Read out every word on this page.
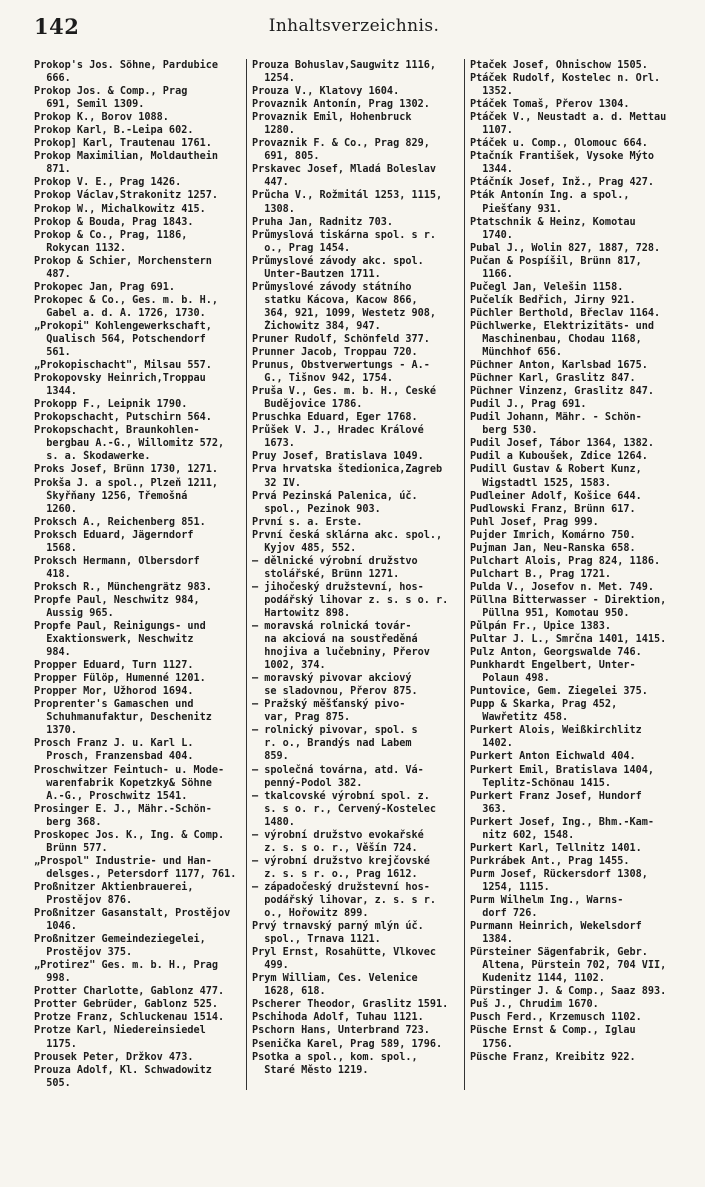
142	Inhaltsverzeichnis.
Prokop's Jos. Söhne, Pardubice
666.
Prokop Jos. & Comp., Prag
691, Semil 1309.
Prokop K., Borov 1088.
Prokop Karl, B.-Leipa 602.
Prokop] Karl, Trautenau 1761.
Prokop Maximilian, Moldauthein
871.
Prokop V. E., Prag 1426.
Prokop Václav,Strakonitz 1257.
Prokop W., Michalkowitz 415.
Prokop & Bouda, Prag 1843.
Prokop & Co., Prag, 1186,
Rokycan 1132.
Prokop & Schier, Morchenstern
487.
Prokopec Jan, Prag 691.
Prokopec & Co., Ges. m. b. H.,
Gabel a. d. A. 1726, 1730.
„Prokopi" Kohlengewerkschaft,
Qualisch 564, Potschendorf
561.
„Prokopischacht", Milsau 557.
Prokopovsky Heinrich,Troppau
1344.
Prokopp F., Leipnik 1790.
Prokopschacht, Putschirn 564.
Prokopschacht, Braunkohlen-
bergbau A.-G., Willomitz 572,
s. a. Škodawerke.
Proks Josef, Brünn 1730, 1271.
Prokša J. a spol., Plzeň 1211,
Škyřňany 1256, Třemošná
1260.
Proksch A., Reichenberg 851.
Proksch Eduard, Jägerndorf
1568.
Proksch Hermann, Olbersdorf
418.
Proksch R., Münchengrätz 983.
Propfe Paul, Neschwitz 984,
Aussig 965.
Propfe Paul, Reinigungs- und
Exaktionswerk, Neschwitz
984.
Propper Eduard, Turn 1127.
Propper Fülöp, Humenné 1201.
Propper Mor, Užhorod 1694.
Proprenter's Gamaschen und
Schuhmanufaktur, Deschenitz
1370.
Prosch Franz J. u. Karl L.
Prosch, Franzensbad 404.
Proschwitzer Feintuch- u. Mode-
warenfabrik Kopetzky& Söhne
A.-G., Proschwitz 1541.
Prosinger E. J., Mähr.-Schön-
berg 368.
Proskopec Jos. K., Ing. & Comp.
Brünn 577.
„Prospol" Industrie- und Han-
delsges., Petersdorf 1177, 761.
Proßnitzer Aktienbrauerei,
Prostějov 876.
Proßnitzer Gasanstalt, Prostějov
1046.
Proßnitzer Gemeindeziegelei,
Prostějov 375.
„Protirez" Ges. m. b. H., Prag
998.
Protter Charlotte, Gablonz 477.
Protter Gebrüder, Gablonz 525.
Protze Franz, Schluckenau 1514.
Protze Karl, Niedereinsiedel
1175.
Prousek Peter, Držkov 473.
Prouza Adolf, Kl. Schwadowitz
505.
Prouza Bohuslav,Saugwitz 1116,
1254.
Prouza V., Klatovy 1604.
Provaznik Antonín, Prag 1302.
Provaznik Emil, Hohenbruck
1280.
Provaznik F. & Co., Prag 829,
691, 805.
Prskavec Josef, Mladá Boleslav
447.
Průcha V., Rožmitál 1253, 1115,
1308.
Pruha Jan, Radnitz 703.
Průmyslová tiskárna spol. s r.
o., Prag 1454.
Průmyslové závody akc. spol.
Unter-Bautzen 1711.
Průmyslové závody státního
statku Kácova, Kacow 866,
364, 921, 1099, Westetz 908,
Žichowitz 384, 947.
Pruner Rudolf, Schönfeld 377.
Prunner Jacob, Troppau 720.
Prunus, Obstverwertungs - A.-
G., Tišnov 942, 1754.
Pruša V., Ges. m. b. H., České
Budějovice 1786.
Pruschka Eduard, Eger 1768.
Průšek V. J., Hradec Králové
1673.
Pruy Josef, Bratislava 1049.
Prva hrvatska štedionica,Zagreb
32 IV.
Prvá Pezinská Palenica, úč.
spol., Pezinok 903.
První s. a. Erste.
První česká sklárna akc. spol.,
Kyjov 485, 552.
— dělnické výrobní družstvo
stolářské, Brünn 1271.
— jihočeský družstevní, hos-
podářský lihovar z. s. s o. r.
Hartowitz 898.
— moravská rolnická továr-
na akciová na soustředěná
hnojiva a lučebniny, Přerov
1002, 374.
— moravský pivovar akciový
se sladovnou, Přerov 875.
— Pražský měšťanský pivo-
var, Prag 875.
— rolnický pivovar, spol. s
r. o., Brandýs nad Labem
859.
— společná továrna, atd. Vá-
penný-Podol 382.
— tkalcovské výrobní spol. z.
s. s o. r., Červený-Kostelec
1480.
— výrobní družstvo evokařské
z. s. s o. r., Věšín 724.
— výrobní družstvo krejčovské
z. s. s r. o., Prag 1612.
— západočeský družstevní hos-
podářský lihovar, z. s. s r.
o., Hořowitz 899.
Prvý trnavský parný mlýn úč.
spol., Trnava 1121.
Pryl Ernst, Rosahütte, Vlkovec
499.
Prym William, Čes. Velenice
1628, 618.
Pscherer Theodor, Graslitz 1591.
Pschihoda Adolf, Tuhau 1121.
Pschorn Hans, Unterbrand 723.
Psenička Karel, Prag 589, 1796.
Psotka a spol., kom. spol.,
Staré Město 1219.
Ptaček Josef, Ohnischow 1505.
Ptáček Rudolf, Kostelec n. Orl.
1352.
Ptáček Tomaš, Přerov 1304.
Ptáček V., Neustadt a. d. Mettau
1107.
Ptáček u. Comp., Olomouc 664.
Ptačník František, Vysoke Mýto
1344.
Ptáčník Josef, Inž., Prag 427.
Pták Antonín Ing. a spol.,
Piešťany 931.
Ptatschnik & Heinz, Komotau
1740.
Pubal J., Wolin 827, 1887, 728.
Pučan & Pospíšil, Brünn 817,
1166.
Pučegl Jan, Velešin 1158.
Pučelík Bedřich, Jirny 921.
Püchler Berthold, Břeclav 1164.
Püchlwerke, Elektrizitäts- und
Maschinenbau, Chodau 1168,
Münchhof 656.
Püchner Anton, Karlsbad 1675.
Püchner Karl, Graslitz 847.
Püchner Vinzenz, Graslitz 847.
Pudil J., Prag 691.
Pudil Johann, Mähr. - Schön-
berg 530.
Pudil Josef, Tábor 1364, 1382.
Pudil a Kuboušek, Zdice 1264.
Pudill Gustav & Robert Kunz,
Wigstadtl 1525, 1583.
Pudleiner Adolf, Košice 644.
Pudlowski Franz, Brünn 617.
Puhl Josef, Prag 999.
Pujder Imrich, Komárno 750.
Pujman Jan, Neu-Ranska 658.
Pulchart Alois, Prag 824, 1186.
Pulchart B., Prag 1721.
Pulda V., Josefov n. Met. 749.
Püllna Bitterwasser - Direktion,
Püllna 951, Komotau 950.
Půlpán Fr., Úpice 1383.
Pultar J. L., Smrčna 1401, 1415.
Pulz Anton, Georgswalde 746.
Punkhardt Engelbert, Unter-
Polaun 498.
Puntovice, Gem. Ziegelei 375.
Pupp & Škarka, Prag 452,
Wawřetitz 458.
Purkert Alois, Weißkirchlitz
1402.
Purkert Anton Eichwald 404.
Purkert Emil, Bratislava 1404,
Teplitz-Schönau 1415.
Purkert Franz Josef, Hundorf
363.
Purkert Josef, Ing., Bhm.-Kam-
nitz 602, 1548.
Purkert Karl, Tellnitz 1401.
Purkrábek Ant., Prag 1455.
Purm Josef, Rückersdorf 1308,
1254, 1115.
Purm Wilhelm Ing., Warns-
dorf 726.
Purmann Heinrich, Wekelsdorf
1384.
Pürsteiner Sägenfabrik, Gebr.
Altena, Pürstein 702, 704 VII,
Kudenitz 1144, 1102.
Pürstinger J. & Comp., Saaz 893.
Puš J., Chrudim 1670.
Pusch Ferd., Krzemusch 1102.
Püsche Ernst & Comp., Iglau
1756.
Püsche Franz, Kreibitz 922.
